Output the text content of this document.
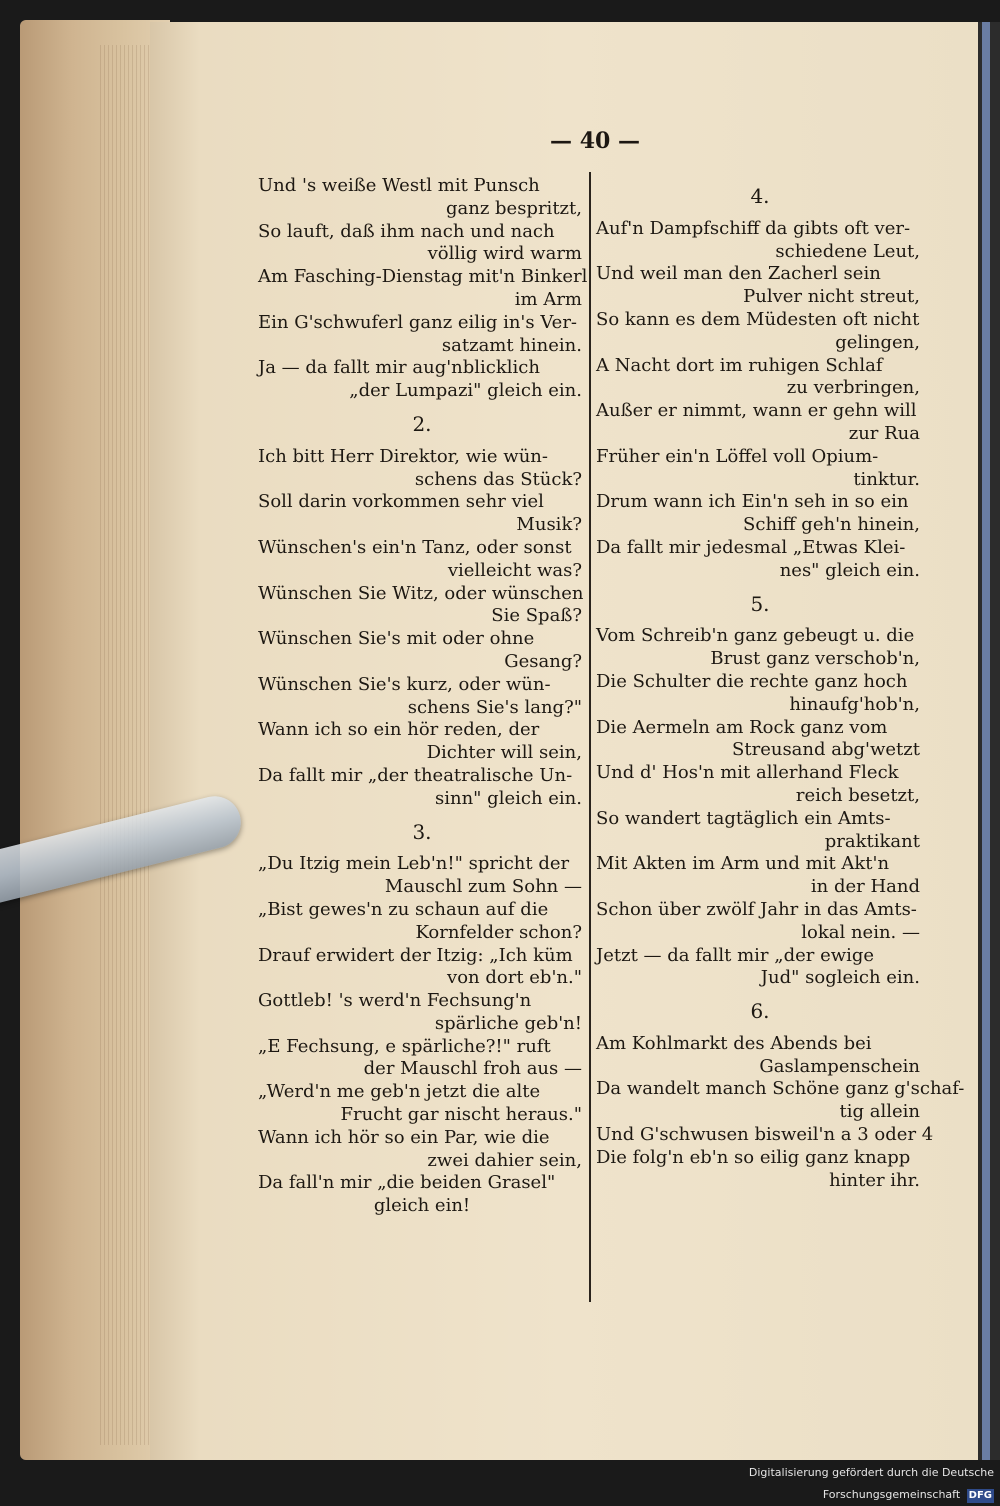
— 40 —
Und 's weiße Westl mit Punsch
ganz bespritzt,
So lauft, daß ihm nach und nach
völlig wird warm
Am Fasching-Dienstag mit'n Binkerl
im Arm
Ein G'schwuferl ganz eilig in's Ver-
satzamt hinein.
Ja — da fallt mir aug'nblicklich
„der Lumpazi" gleich ein.
2.
Ich bitt Herr Direktor, wie wün-
schens das Stück?
Soll darin vorkommen sehr viel
Musik?
Wünschen's ein'n Tanz, oder sonst
vielleicht was?
Wünschen Sie Witz, oder wünschen
Sie Spaß?
Wünschen Sie's mit oder ohne
Gesang?
Wünschen Sie's kurz, oder wün-
schens Sie's lang?"
Wann ich so ein hör reden, der
Dichter will sein,
Da fallt mir „der theatralische Un-
sinn" gleich ein.
3.
„Du Itzig mein Leb'n!" spricht der
Mauschl zum Sohn —
„Bist gewes'n zu schaun auf die
Kornfelder schon?
Drauf erwidert der Itzig: „Ich küm
von dort eb'n."
Gottleb! 's werd'n Fechsung'n
spärliche geb'n!
„E Fechsung, e spärliche?!" ruft
der Mauschl froh aus —
„Werd'n me geb'n jetzt die alte
Frucht gar nischt heraus."
Wann ich hör so ein Par, wie die
zwei dahier sein,
Da fall'n mir „die beiden Grasel"
gleich ein!
4.
Auf'n Dampfschiff da gibts oft ver-
schiedene Leut,
Und weil man den Zacherl sein
Pulver nicht streut,
So kann es dem Müdesten oft nicht
gelingen,
A Nacht dort im ruhigen Schlaf
zu verbringen,
Außer er nimmt, wann er gehn will
zur Rua
Früher ein'n Löffel voll Opium-
tinktur.
Drum wann ich Ein'n seh in so ein
Schiff geh'n hinein,
Da fallt mir jedesmal „Etwas Klei-
nes" gleich ein.
5.
Vom Schreib'n ganz gebeugt u. die
Brust ganz verschob'n,
Die Schulter die rechte ganz hoch
hinaufg'hob'n,
Die Aermeln am Rock ganz vom
Streusand abg'wetzt
Und d' Hos'n mit allerhand Fleck
reich besetzt,
So wandert tagtäglich ein Amts-
praktikant
Mit Akten im Arm und mit Akt'n
in der Hand
Schon über zwölf Jahr in das Amts-
lokal nein. —
Jetzt — da fallt mir „der ewige
Jud" sogleich ein.
6.
Am Kohlmarkt des Abends bei
Gaslampenschein
Da wandelt manch Schöne ganz g'schaf-
tig allein
Und G'schwusen bisweil'n a 3 oder 4
Die folg'n eb'n so eilig ganz knapp
hinter ihr.
Digitalisierung gefördert durch die Deutsche Forschungsgemeinschaft DFG
